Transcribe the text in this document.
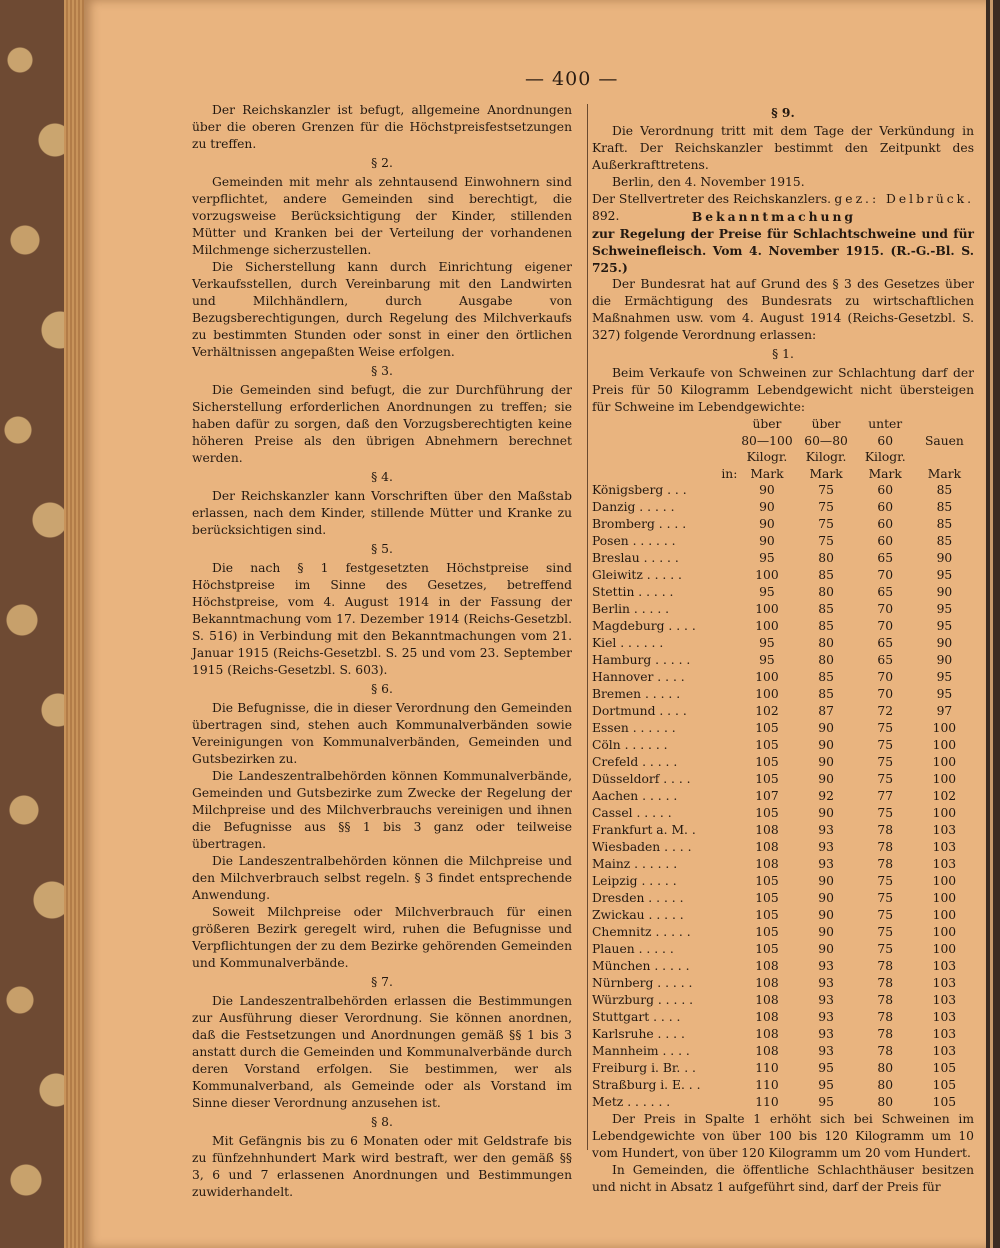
— 400 —

Der Reichskanzler ist befugt, allgemeine Anordnungen über die oberen Grenzen für die Höchstpreisfestsetzungen zu treffen.

§ 2.

Gemeinden mit mehr als zehntausend Einwohnern sind verpflichtet, andere Gemeinden sind berechtigt, die vorzugsweise Berücksichtigung der Kinder, stillenden Mütter und Kranken bei der Verteilung der vorhandenen Milchmenge sicherzustellen.

Die Sicherstellung kann durch Einrichtung eigener Verkaufsstellen, durch Vereinbarung mit den Landwirten und Milchhändlern, durch Ausgabe von Bezugsberechtigungen, durch Regelung des Milchverkaufs zu bestimmten Stunden oder sonst in einer den örtlichen Verhältnissen angepaßten Weise erfolgen.

§ 3.

Die Gemeinden sind befugt, die zur Durchführung der Sicherstellung erforderlichen Anordnungen zu treffen; sie haben dafür zu sorgen, daß den Vorzugsberechtigten keine höheren Preise als den übrigen Abnehmern berechnet werden.

§ 4.

Der Reichskanzler kann Vorschriften über den Maßstab erlassen, nach dem Kinder, stillende Mütter und Kranke zu berücksichtigen sind.

§ 5.

Die nach § 1 festgesetzten Höchstpreise sind Höchstpreise im Sinne des Gesetzes, betreffend Höchstpreise, vom 4. August 1914 in der Fassung der Bekanntmachung vom 17. Dezember 1914 (Reichs-Gesetzbl. S. 516) in Verbindung mit den Bekanntmachungen vom 21. Januar 1915 (Reichs-Gesetzbl. S. 25 und vom 23. September 1915 (Reichs-Gesetzbl. S. 603).

§ 6.

Die Befugnisse, die in dieser Verordnung den Gemeinden übertragen sind, stehen auch Kommunalverbänden sowie Vereinigungen von Kommunalverbänden, Gemeinden und Gutsbezirken zu.

Die Landeszentralbehörden können Kommunalverbände, Gemeinden und Gutsbezirke zum Zwecke der Regelung der Milchpreise und des Milchverbrauchs vereinigen und ihnen die Befugnisse aus §§ 1 bis 3 ganz oder teilweise übertragen.

Die Landeszentralbehörden können die Milchpreise und den Milchverbrauch selbst regeln. § 3 findet entsprechende Anwendung.

Soweit Milchpreise oder Milchverbrauch für einen größeren Bezirk geregelt wird, ruhen die Befugnisse und Verpflichtungen der zu dem Bezirke gehörenden Gemeinden und Kommunalverbände.

§ 7.

Die Landeszentralbehörden erlassen die Bestimmungen zur Ausführung dieser Verordnung. Sie können anordnen, daß die Festsetzungen und Anordnungen gemäß §§ 1 bis 3 anstatt durch die Gemeinden und Kommunalverbände durch deren Vorstand erfolgen. Sie bestimmen, wer als Kommunalverband, als Gemeinde oder als Vorstand im Sinne dieser Verordnung anzusehen ist.

§ 8.

Mit Gefängnis bis zu 6 Monaten oder mit Geldstrafe bis zu fünfzehnhundert Mark wird bestraft, wer den gemäß §§ 3, 6 und 7 erlassenen Anordnungen und Bestimmungen zuwiderhandelt.

§ 9.

Die Verordnung tritt mit dem Tage der Verkündung in Kraft. Der Reichskanzler bestimmt den Zeitpunkt des Außerkrafttretens.

Berlin, den 4. November 1915.

Der Stellvertreter des Reichskanzlers. gez.: Delbrück.
892.	Bekanntmachung

zur Regelung der Preise für Schlachtschweine und für Schweinefleisch. Vom 4. November 1915. (R.-G.-Bl. S. 725.)

Der Bundesrat hat auf Grund des § 3 des Gesetzes über die Ermächtigung des Bundesrats zu wirtschaftlichen Maßnahmen usw. vom 4. August 1914 (Reichs-Gesetzbl. S. 327) folgende Verordnung erlassen:

§ 1.

Beim Verkaufe von Schweinen zur Schlachtung darf der Preis für 50 Kilogramm Lebendgewicht nicht übersteigen für Schweine im Lebendgewichte:

	über	über	unter	
	80—100	60—80	60	Sauen
	Kilogr.	Kilogr.	Kilogr.	
in:	Mark	Mark	Mark	Mark
Königsberg . . .	90	75	60	85
Danzig . . . . .	90	75	60	85
Bromberg . . . .	90	75	60	85
Posen . . . . . .	90	75	60	85
Breslau . . . . .	95	80	65	90
Gleiwitz . . . . .	100	85	70	95
Stettin . . . . .	95	80	65	90
Berlin . . . . .	100	85	70	95
Magdeburg . . . .	100	85	70	95
Kiel . . . . . .	95	80	65	90
Hamburg . . . . .	95	80	65	90
Hannover . . . .	100	85	70	95
Bremen . . . . .	100	85	70	95
Dortmund . . . .	102	87	72	97
Essen . . . . . .	105	90	75	100
Cöln . . . . . .	105	90	75	100
Crefeld . . . . .	105	90	75	100
Düsseldorf . . . .	105	90	75	100
Aachen . . . . .	107	92	77	102
Cassel . . . . .	105	90	75	100
Frankfurt a. M. .	108	93	78	103
Wiesbaden . . . .	108	93	78	103
Mainz . . . . . .	108	93	78	103
Leipzig . . . . .	105	90	75	100
Dresden . . . . .	105	90	75	100
Zwickau . . . . .	105	90	75	100
Chemnitz . . . . .	105	90	75	100
Plauen . . . . .	105	90	75	100
München . . . . .	108	93	78	103
Nürnberg . . . . .	108	93	78	103
Würzburg . . . . .	108	93	78	103
Stuttgart . . . .	108	93	78	103
Karlsruhe . . . .	108	93	78	103
Mannheim . . . .	108	93	78	103
Freiburg i. Br. . .	110	95	80	105
Straßburg i. E. . .	110	95	80	105
Metz . . . . . .	110	95	80	105

Der Preis in Spalte 1 erhöht sich bei Schweinen im Lebendgewichte von über 100 bis 120 Kilogramm um 10 vom Hundert, von über 120 Kilogramm um 20 vom Hundert.

In Gemeinden, die öffentliche Schlachthäuser besitzen und nicht in Absatz 1 aufgeführt sind, darf der Preis für
